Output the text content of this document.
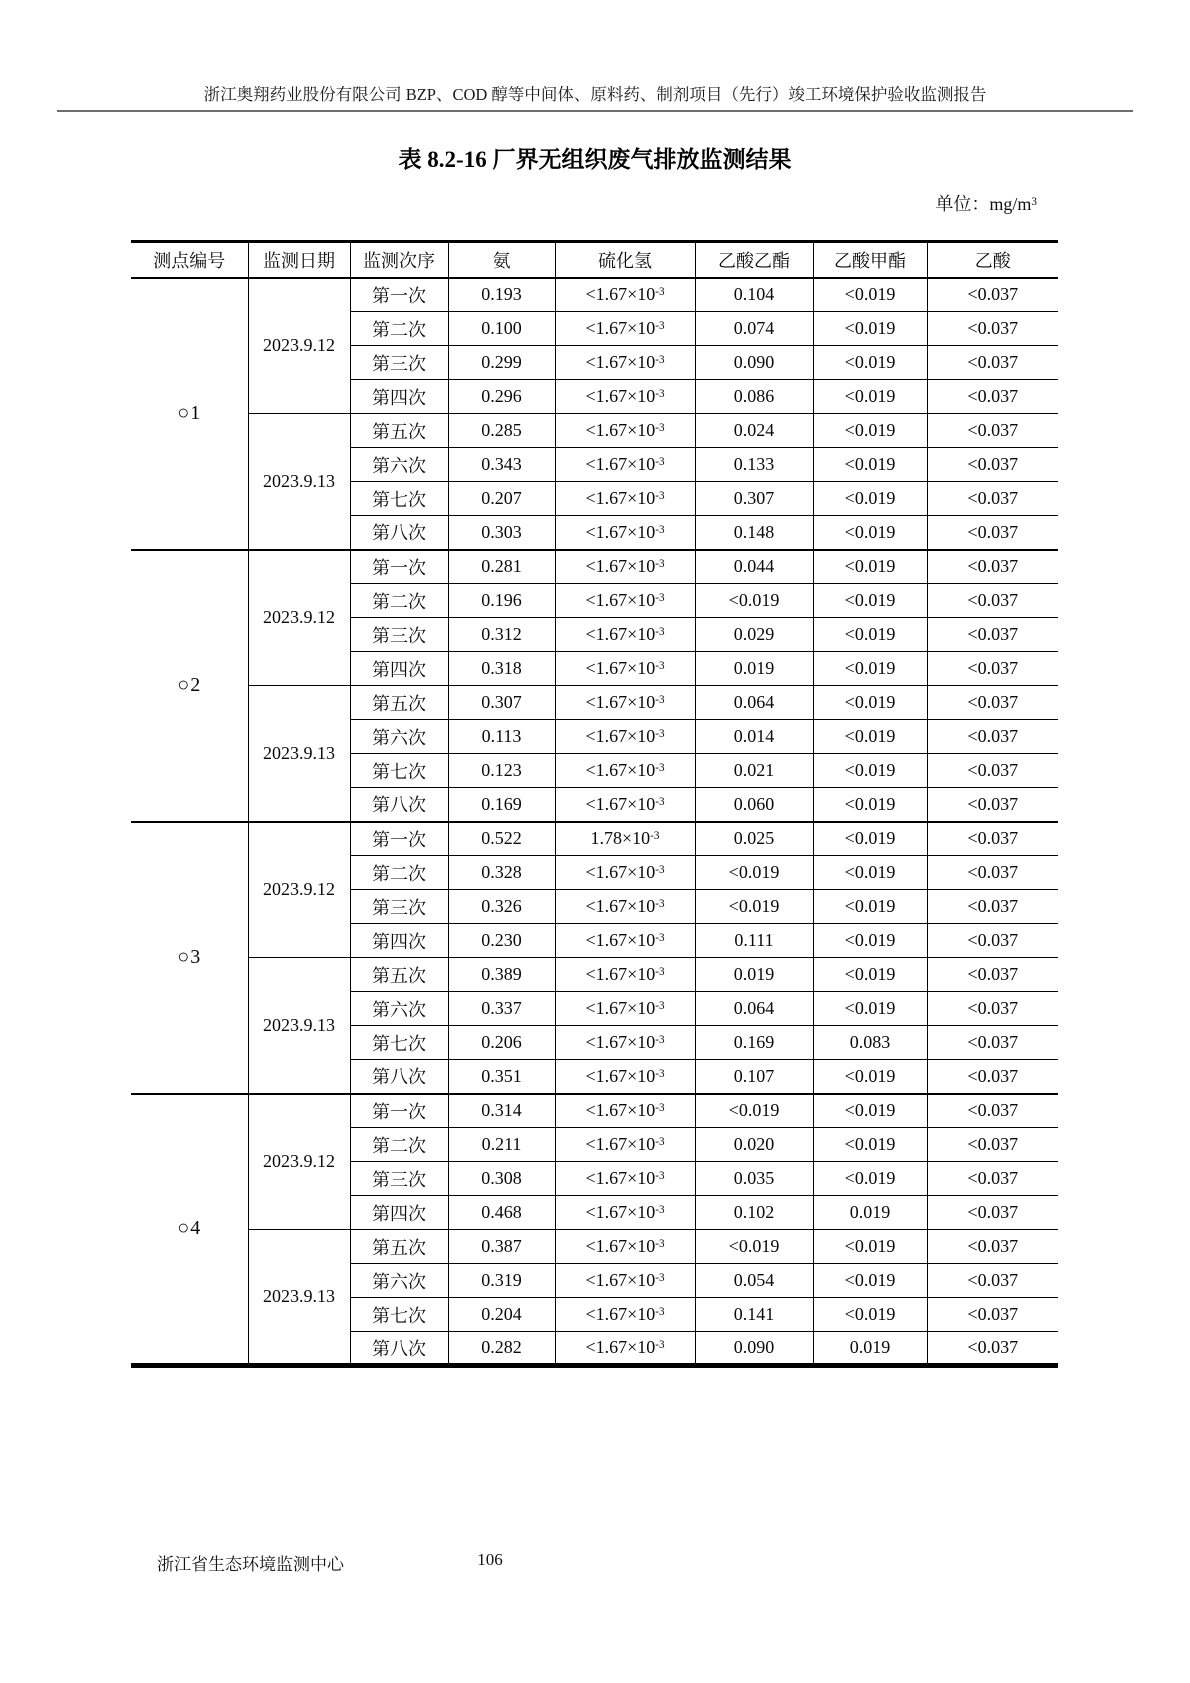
浙江奥翔药业股份有限公司 BZP、COD 醇等中间体、原料药、制剂项目（先行）竣工环境保护验收监测报告
表 8.2-16 厂界无组织废气排放监测结果
单位：$mg/m^3$
测点编号	监测日期	监测次序	氨	硫化氢	乙酸乙酯	乙酸甲酯	乙酸
○1	2023.9.12	第一次	0.193	$<1.67\times 10^{-3}$	0.104	<0.019	<0.037
		第二次	0.100	$<1.67\times 10^{-3}$	0.074	<0.019	<0.037
		第三次	0.299	$<1.67\times 10^{-3}$	0.090	<0.019	<0.037
		第四次	0.296	$<1.67\times 10^{-3}$	0.086	<0.019	<0.037
	2023.9.13	第五次	0.285	$<1.67\times 10^{-3}$	0.024	<0.019	<0.037
		第六次	0.343	$<1.67\times 10^{-3}$	0.133	<0.019	<0.037
		第七次	0.207	$<1.67\times 10^{-3}$	0.307	<0.019	<0.037
		第八次	0.303	$<1.67\times 10^{-3}$	0.148	<0.019	<0.037
○2	2023.9.12	第一次	0.281	$<1.67\times 10^{-3}$	0.044	<0.019	<0.037
		第二次	0.196	$<1.67\times 10^{-3}$	<0.019	<0.019	<0.037
		第三次	0.312	$<1.67\times 10^{-3}$	0.029	<0.019	<0.037
		第四次	0.318	$<1.67\times 10^{-3}$	0.019	<0.019	<0.037
	2023.9.13	第五次	0.307	$<1.67\times 10^{-3}$	0.064	<0.019	<0.037
		第六次	0.113	$<1.67\times 10^{-3}$	0.014	<0.019	<0.037
		第七次	0.123	$<1.67\times 10^{-3}$	0.021	<0.019	<0.037
		第八次	0.169	$<1.67\times 10^{-3}$	0.060	<0.019	<0.037
○3	2023.9.12	第一次	0.522	$1.78\times 10^{-3}$	0.025	<0.019	<0.037
		第二次	0.328	$<1.67\times 10^{-3}$	<0.019	<0.019	<0.037
		第三次	0.326	$<1.67\times 10^{-3}$	<0.019	<0.019	<0.037
		第四次	0.230	$<1.67\times 10^{-3}$	0.111	<0.019	<0.037
	2023.9.13	第五次	0.389	$<1.67\times 10^{-3}$	0.019	<0.019	<0.037
		第六次	0.337	$<1.67\times 10^{-3}$	0.064	<0.019	<0.037
		第七次	0.206	$<1.67\times 10^{-3}$	0.169	0.083	<0.037
		第八次	0.351	$<1.67\times 10^{-3}$	0.107	<0.019	<0.037
○4	2023.9.12	第一次	0.314	$<1.67\times 10^{-3}$	<0.019	<0.019	<0.037
		第二次	0.211	$<1.67\times 10^{-3}$	0.020	<0.019	<0.037
		第三次	0.308	$<1.67\times 10^{-3}$	0.035	<0.019	<0.037
		第四次	0.468	$<1.67\times 10^{-3}$	0.102	0.019	<0.037
	2023.9.13	第五次	0.387	$<1.67\times 10^{-3}$	<0.019	<0.019	<0.037
		第六次	0.319	$<1.67\times 10^{-3}$	0.054	<0.019	<0.037
		第七次	0.204	$<1.67\times 10^{-3}$	0.141	<0.019	<0.037
		第八次	0.282	$<1.67\times 10^{-3}$	0.090	0.019	<0.037
浙江省生态环境监测中心	106
